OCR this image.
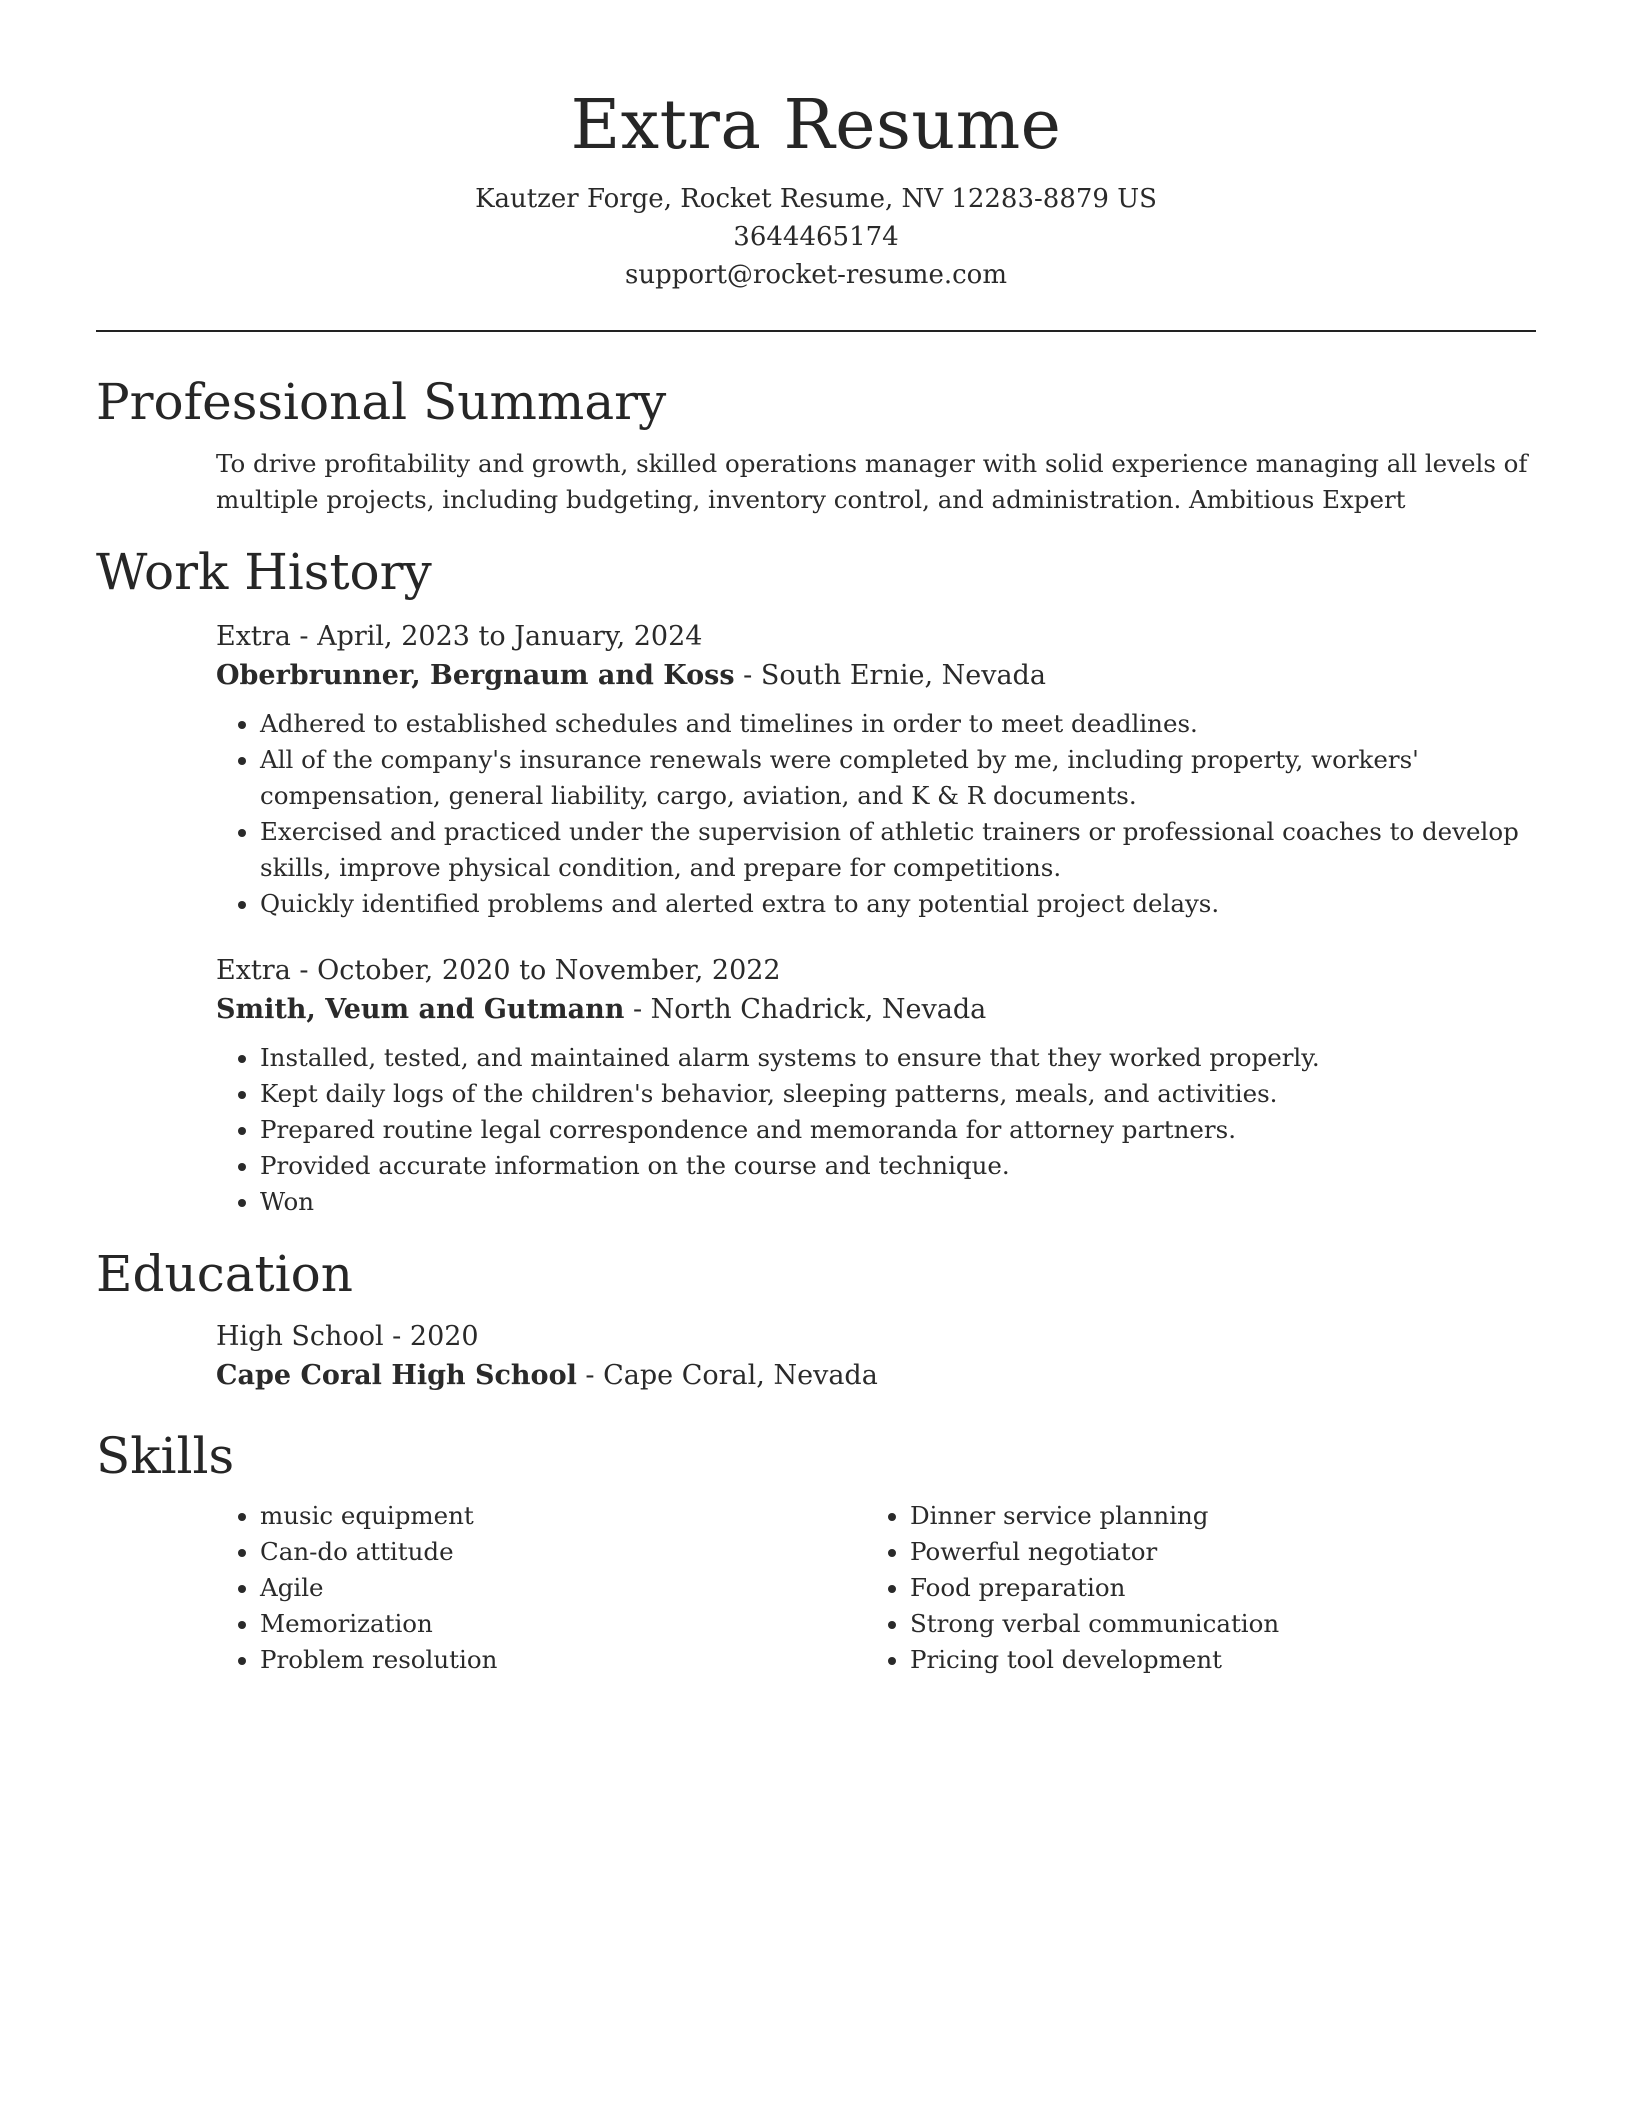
Extra Resume
Kautzer Forge, Rocket Resume, NV 12283-8879 US
3644465174
support@rocket-resume.com
Professional Summary

To drive profitability and growth, skilled operations manager with solid experience managing all levels of multiple projects, including budgeting, inventory control, and administration. Ambitious Expert

Work History
Extra - April, 2023 to January, 2024
Oberbrunner, Bergnaum and Koss - South Ernie, Nevada
• Adhered to established schedules and timelines in order to meet deadlines.
• All of the company's insurance renewals were completed by me, including property, workers' compensation, general liability, cargo, aviation, and K & R documents.
• Exercised and practiced under the supervision of athletic trainers or professional coaches to develop skills, improve physical condition, and prepare for competitions.
• Quickly identified problems and alerted extra to any potential project delays.
Extra - October, 2020 to November, 2022
Smith, Veum and Gutmann - North Chadrick, Nevada
• Installed, tested, and maintained alarm systems to ensure that they worked properly.
• Kept daily logs of the children's behavior, sleeping patterns, meals, and activities.
• Prepared routine legal correspondence and memoranda for attorney partners.
• Provided accurate information on the course and technique.
• Won
Education
High School - 2020
Cape Coral High School - Cape Coral, Nevada
Skills
• music equipment
• Can-do attitude
• Agile
• Memorization
• Problem resolution
• Dinner service planning
• Powerful negotiator
• Food preparation
• Strong verbal communication
• Pricing tool development
